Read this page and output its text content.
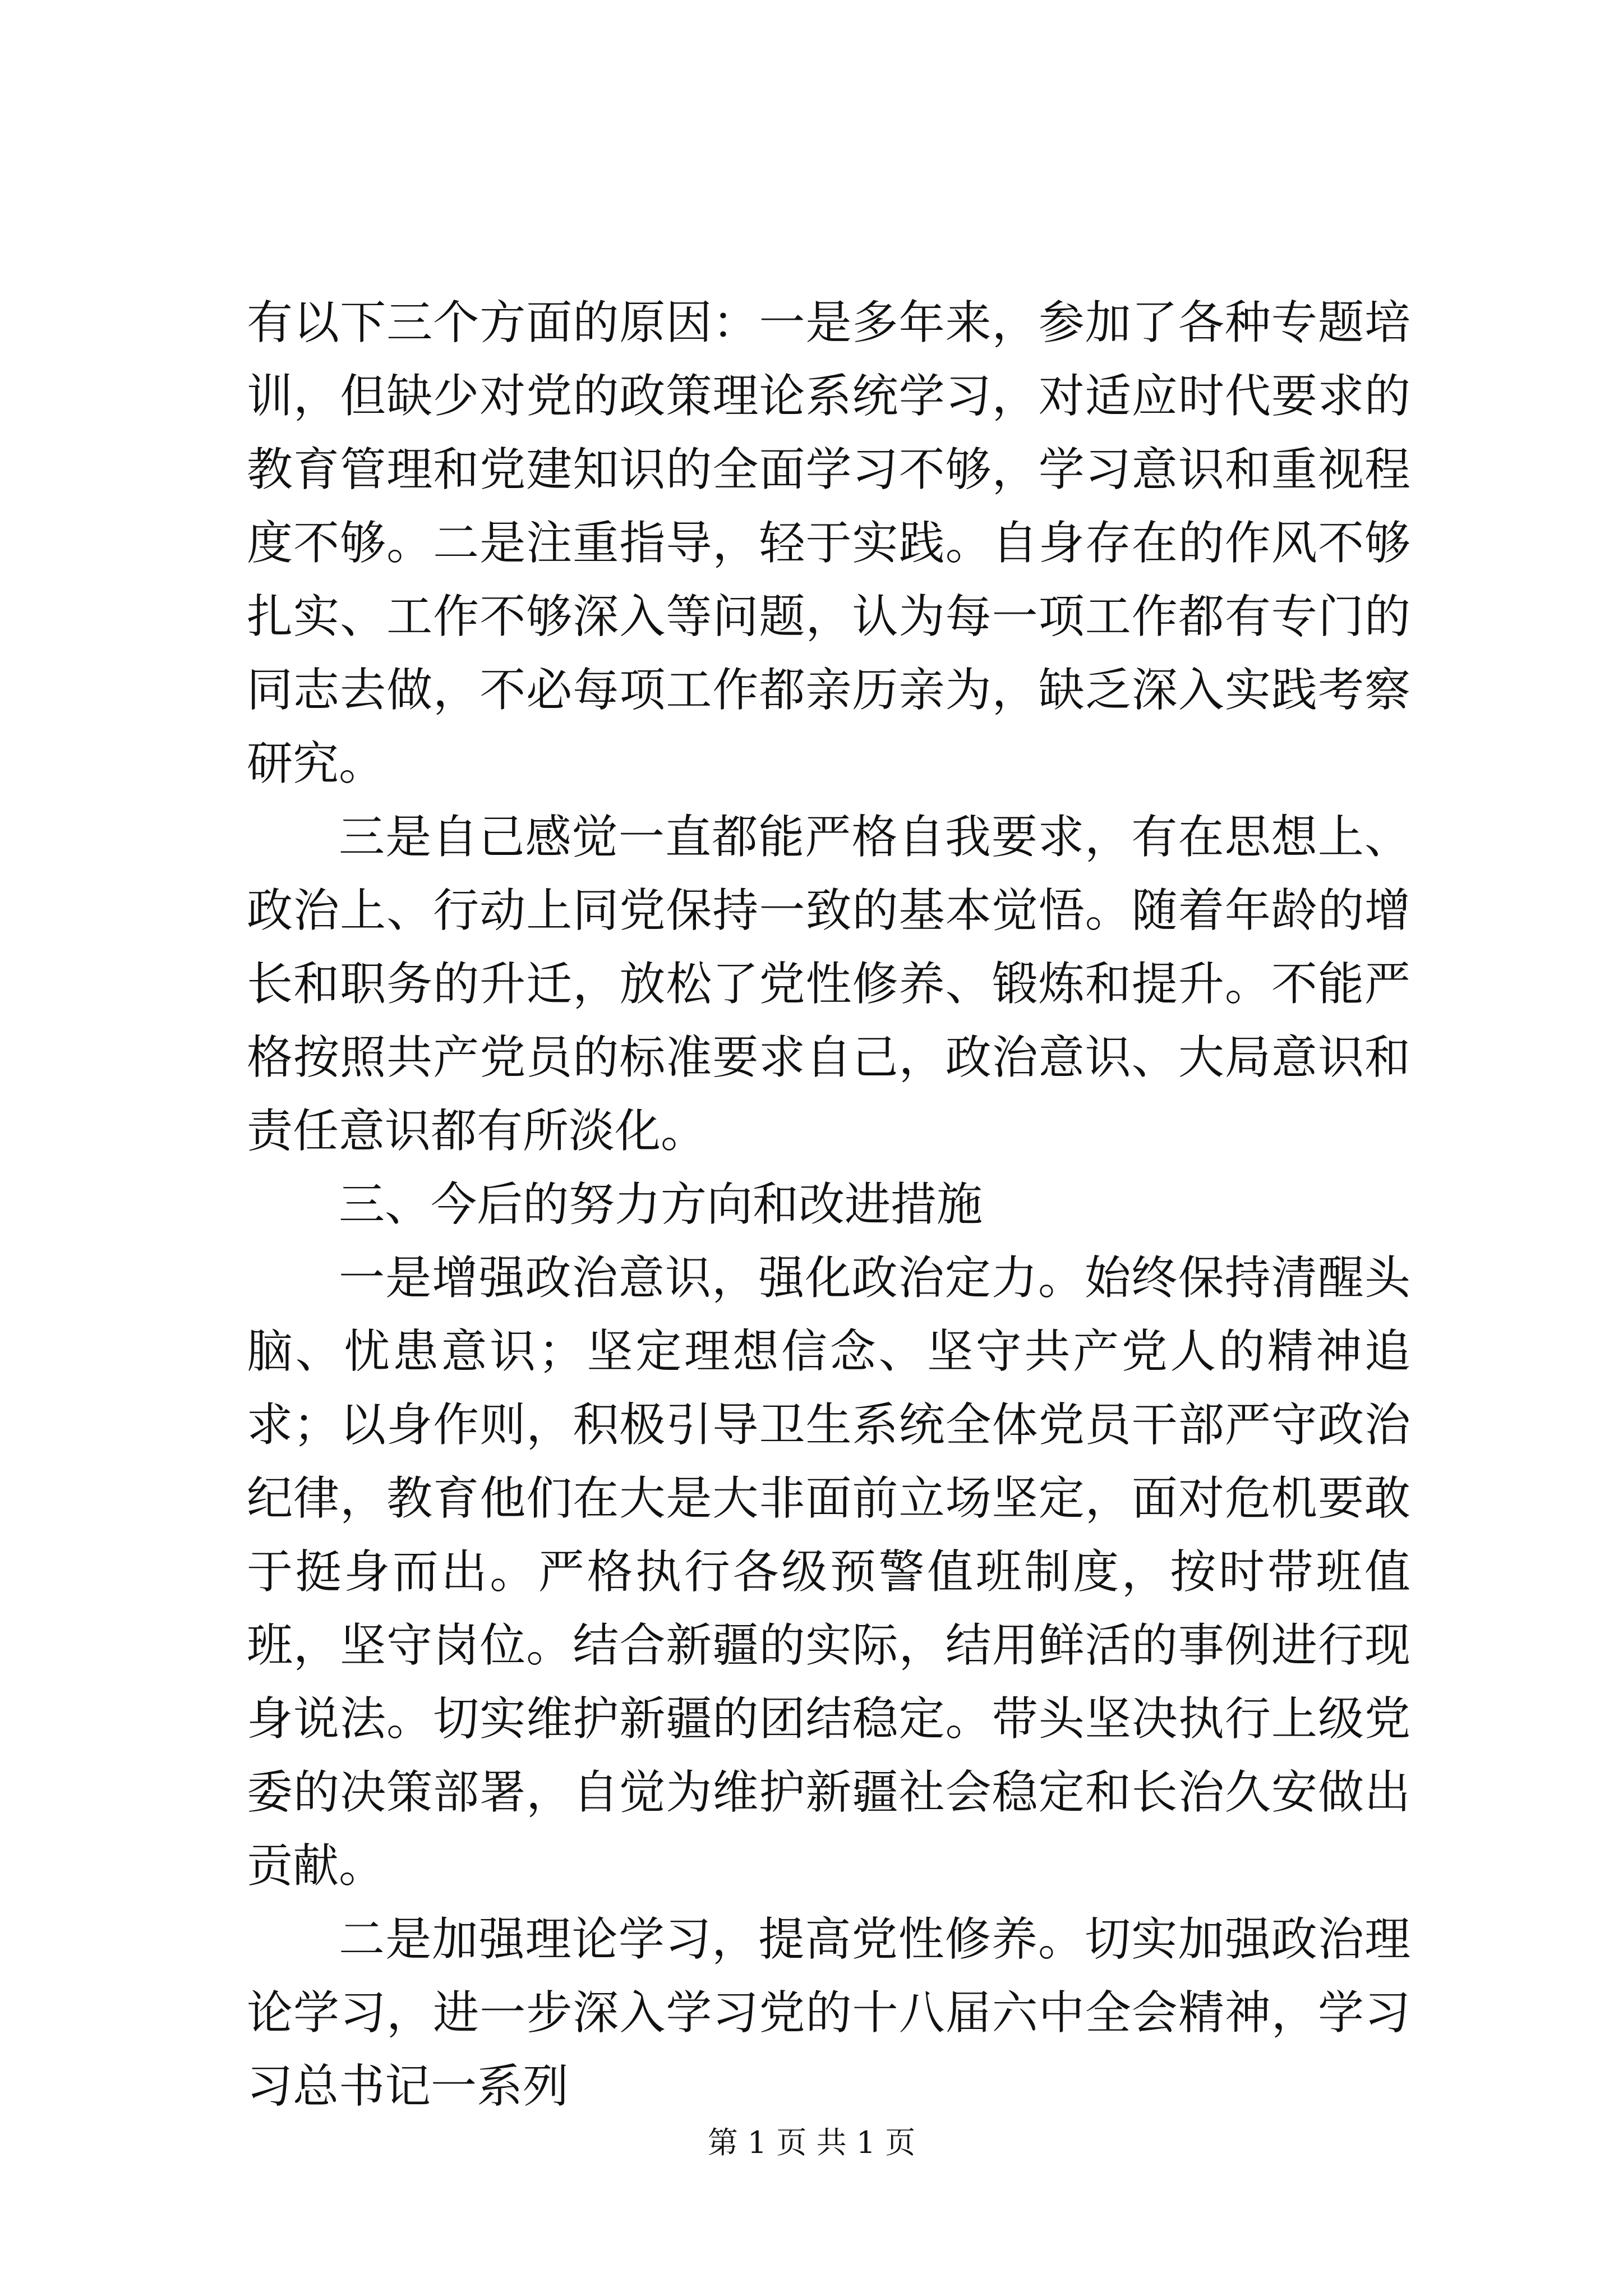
有以下三个方面的原因：一是多年来，参加了各种专题培训，但缺少对党的政策理论系统学习，对适应时代要求的教育管理和党建知识的全面学习不够，学习意识和重视程度不够。二是注重指导，轻于实践。自身存在的作风不够扎实、工作不够深入等问题，认为每一项工作都有专门的同志去做，不必每项工作都亲历亲为，缺乏深入实践考察研究。

三是自己感觉一直都能严格自我要求，有在思想上、政治上、行动上同党保持一致的基本觉悟。随着年龄的增长和职务的升迁，放松了党性修养、锻炼和提升。不能严格按照共产党员的标准要求自己，政治意识、大局意识和责任意识都有所淡化。

三、今后的努力方向和改进措施

一是增强政治意识，强化政治定力。始终保持清醒头脑、忧患意识；坚定理想信念、坚守共产党人的精神追求；以身作则，积极引导卫生系统全体党员干部严守政治纪律，教育他们在大是大非面前立场坚定，面对危机要敢于挺身而出。严格执行各级预警值班制度，按时带班值班，坚守岗位。结合新疆的实际，结用鲜活的事例进行现身说法。切实维护新疆的团结稳定。带头坚决执行上级党委的决策部署，自觉为维护新疆社会稳定和长治久安做出贡献。

二是加强理论学习，提高党性修养。切实加强政治理论学习，进一步深入学习党的十八届六中全会精神，学习习总书记一系列

第 1 页 共 1 页
